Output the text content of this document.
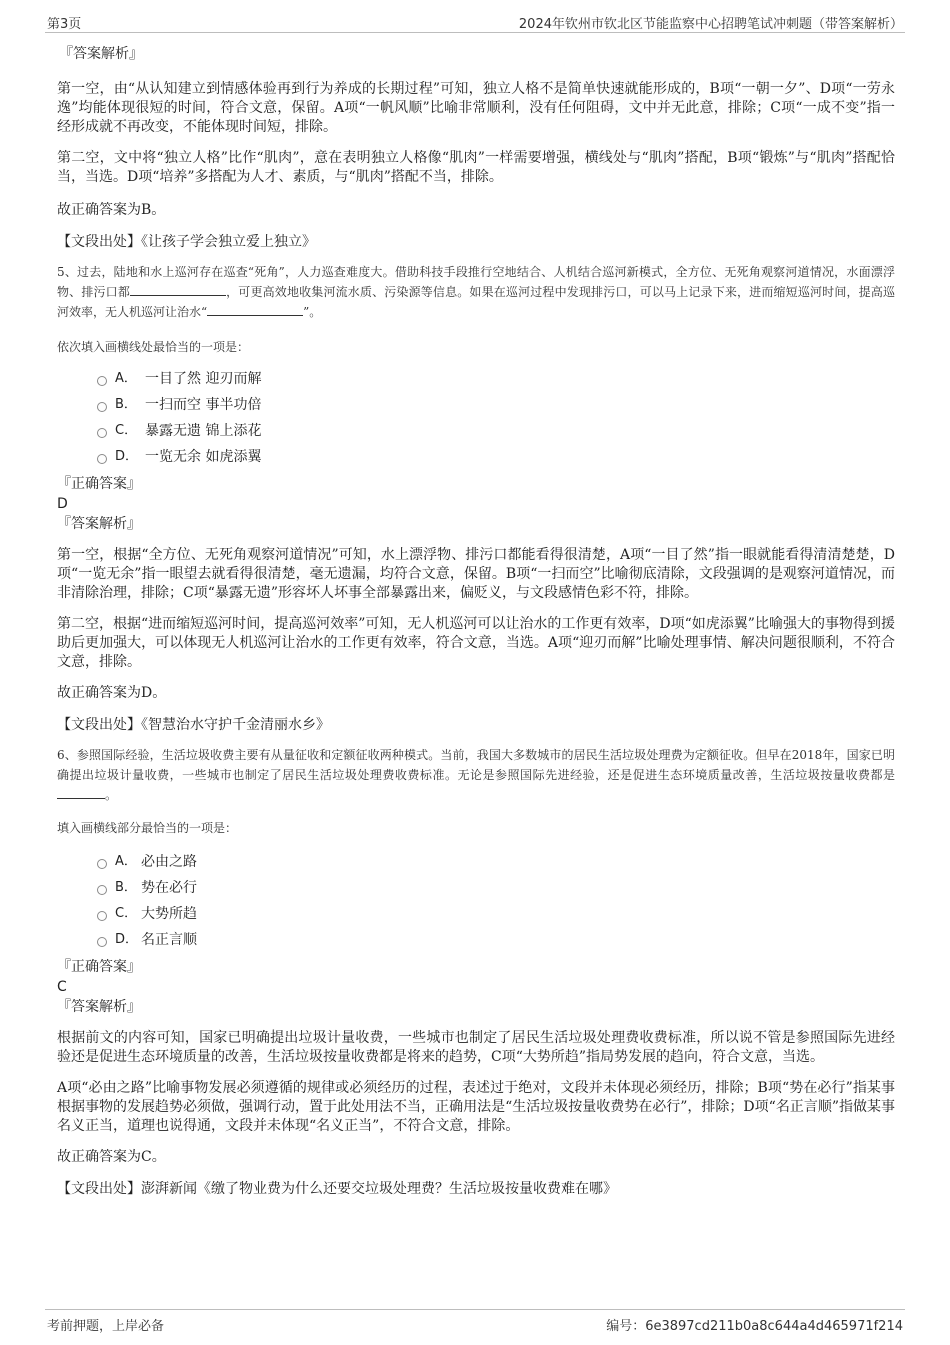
第3页	2024年钦州市钦北区节能监察中心招聘笔试冲刺题（带答案解析）
『答案解析』

第一空，由“从认知建立到情感体验再到行为养成的长期过程”可知，独立人格不是简单快速就能形成的，B项“一朝一夕”、D项“一劳永逸”均能体现很短的时间，符合文意，保留。A项“一帆风顺”比喻非常顺利，没有任何阻碍，文中并无此意，排除；C项“一成不变”指一经形成就不再改变，不能体现时间短，排除。

第二空，文中将“独立人格”比作“肌肉”，意在表明独立人格像“肌肉”一样需要增强，横线处与“肌肉”搭配，B项“锻炼”与“肌肉”搭配恰当，当选。D项“培养”多搭配为人才、素质，与“肌肉”搭配不当，排除。

故正确答案为B。

【文段出处】《让孩子学会独立爱上独立》

5、过去，陆地和水上巡河存在巡查“死角”，人力巡查难度大。借助科技手段推行空地结合、人机结合巡河新模式，全方位、无死角观察河道情况，水面漂浮物、排污口都	，可更高效地收集河流水质、污染源等信息。如果在巡河过程中发现排污口，可以马上记录下来，进而缩短巡河时间，提高巡河效率，无人机巡河让治水“	”。

依次填入画横线处最恰当的一项是：

A． 一目了然 迎刃而解
B． 一扫而空 事半功倍
C． 暴露无遗 锦上添花
D． 一览无余 如虎添翼
『正确答案』
D
『答案解析』

第一空，根据“全方位、无死角观察河道情况”可知，水上漂浮物、排污口都能看得很清楚，A项“一目了然”指一眼就能看得清清楚楚，D项“一览无余”指一眼望去就看得很清楚，毫无遗漏，均符合文意，保留。B项“一扫而空”比喻彻底清除，文段强调的是观察河道情况，而非清除治理，排除；C项“暴露无遗”形容坏人坏事全部暴露出来，偏贬义，与文段感情色彩不符，排除。

第二空，根据“进而缩短巡河时间，提高巡河效率”可知，无人机巡河可以让治水的工作更有效率，D项“如虎添翼”比喻强大的事物得到援助后更加强大，可以体现无人机巡河让治水的工作更有效率，符合文意，当选。A项“迎刃而解”比喻处理事情、解决问题很顺利，不符合文意，排除。

故正确答案为D。

【文段出处】《智慧治水守护千金清丽水乡》

6、参照国际经验，生活垃圾收费主要有从量征收和定额征收两种模式。当前，我国大多数城市的居民生活垃圾处理费为定额征收。但早在2018年，国家已明确提出垃圾计量收费，一些城市也制定了居民生活垃圾处理费收费标准。无论是参照国际先进经验，还是促进生态环境质量改善，生活垃圾按量收费都是。

填入画横线部分最恰当的一项是：

A． 必由之路
B． 势在必行
C． 大势所趋
D． 名正言顺
『正确答案』
C
『答案解析』

根据前文的内容可知，国家已明确提出垃圾计量收费，一些城市也制定了居民生活垃圾处理费收费标准，所以说不管是参照国际先进经验还是促进生态环境质量的改善，生活垃圾按量收费都是将来的趋势，C项“大势所趋”指局势发展的趋向，符合文意，当选。

A项“必由之路”比喻事物发展必须遵循的规律或必须经历的过程，表述过于绝对，文段并未体现必须经历，排除；B项“势在必行”指某事根据事物的发展趋势必须做，强调行动，置于此处用法不当，正确用法是“生活垃圾按量收费势在必行”，排除；D项“名正言顺”指做某事名义正当，道理也说得通，文段并未体现“名义正当”，不符合文意，排除。

故正确答案为C。

【文段出处】澎湃新闻《缴了物业费为什么还要交垃圾处理费？生活垃圾按量收费难在哪》
考前押题，上岸必备	编号：6e3897cd211b0a8c644a4d465971f214
